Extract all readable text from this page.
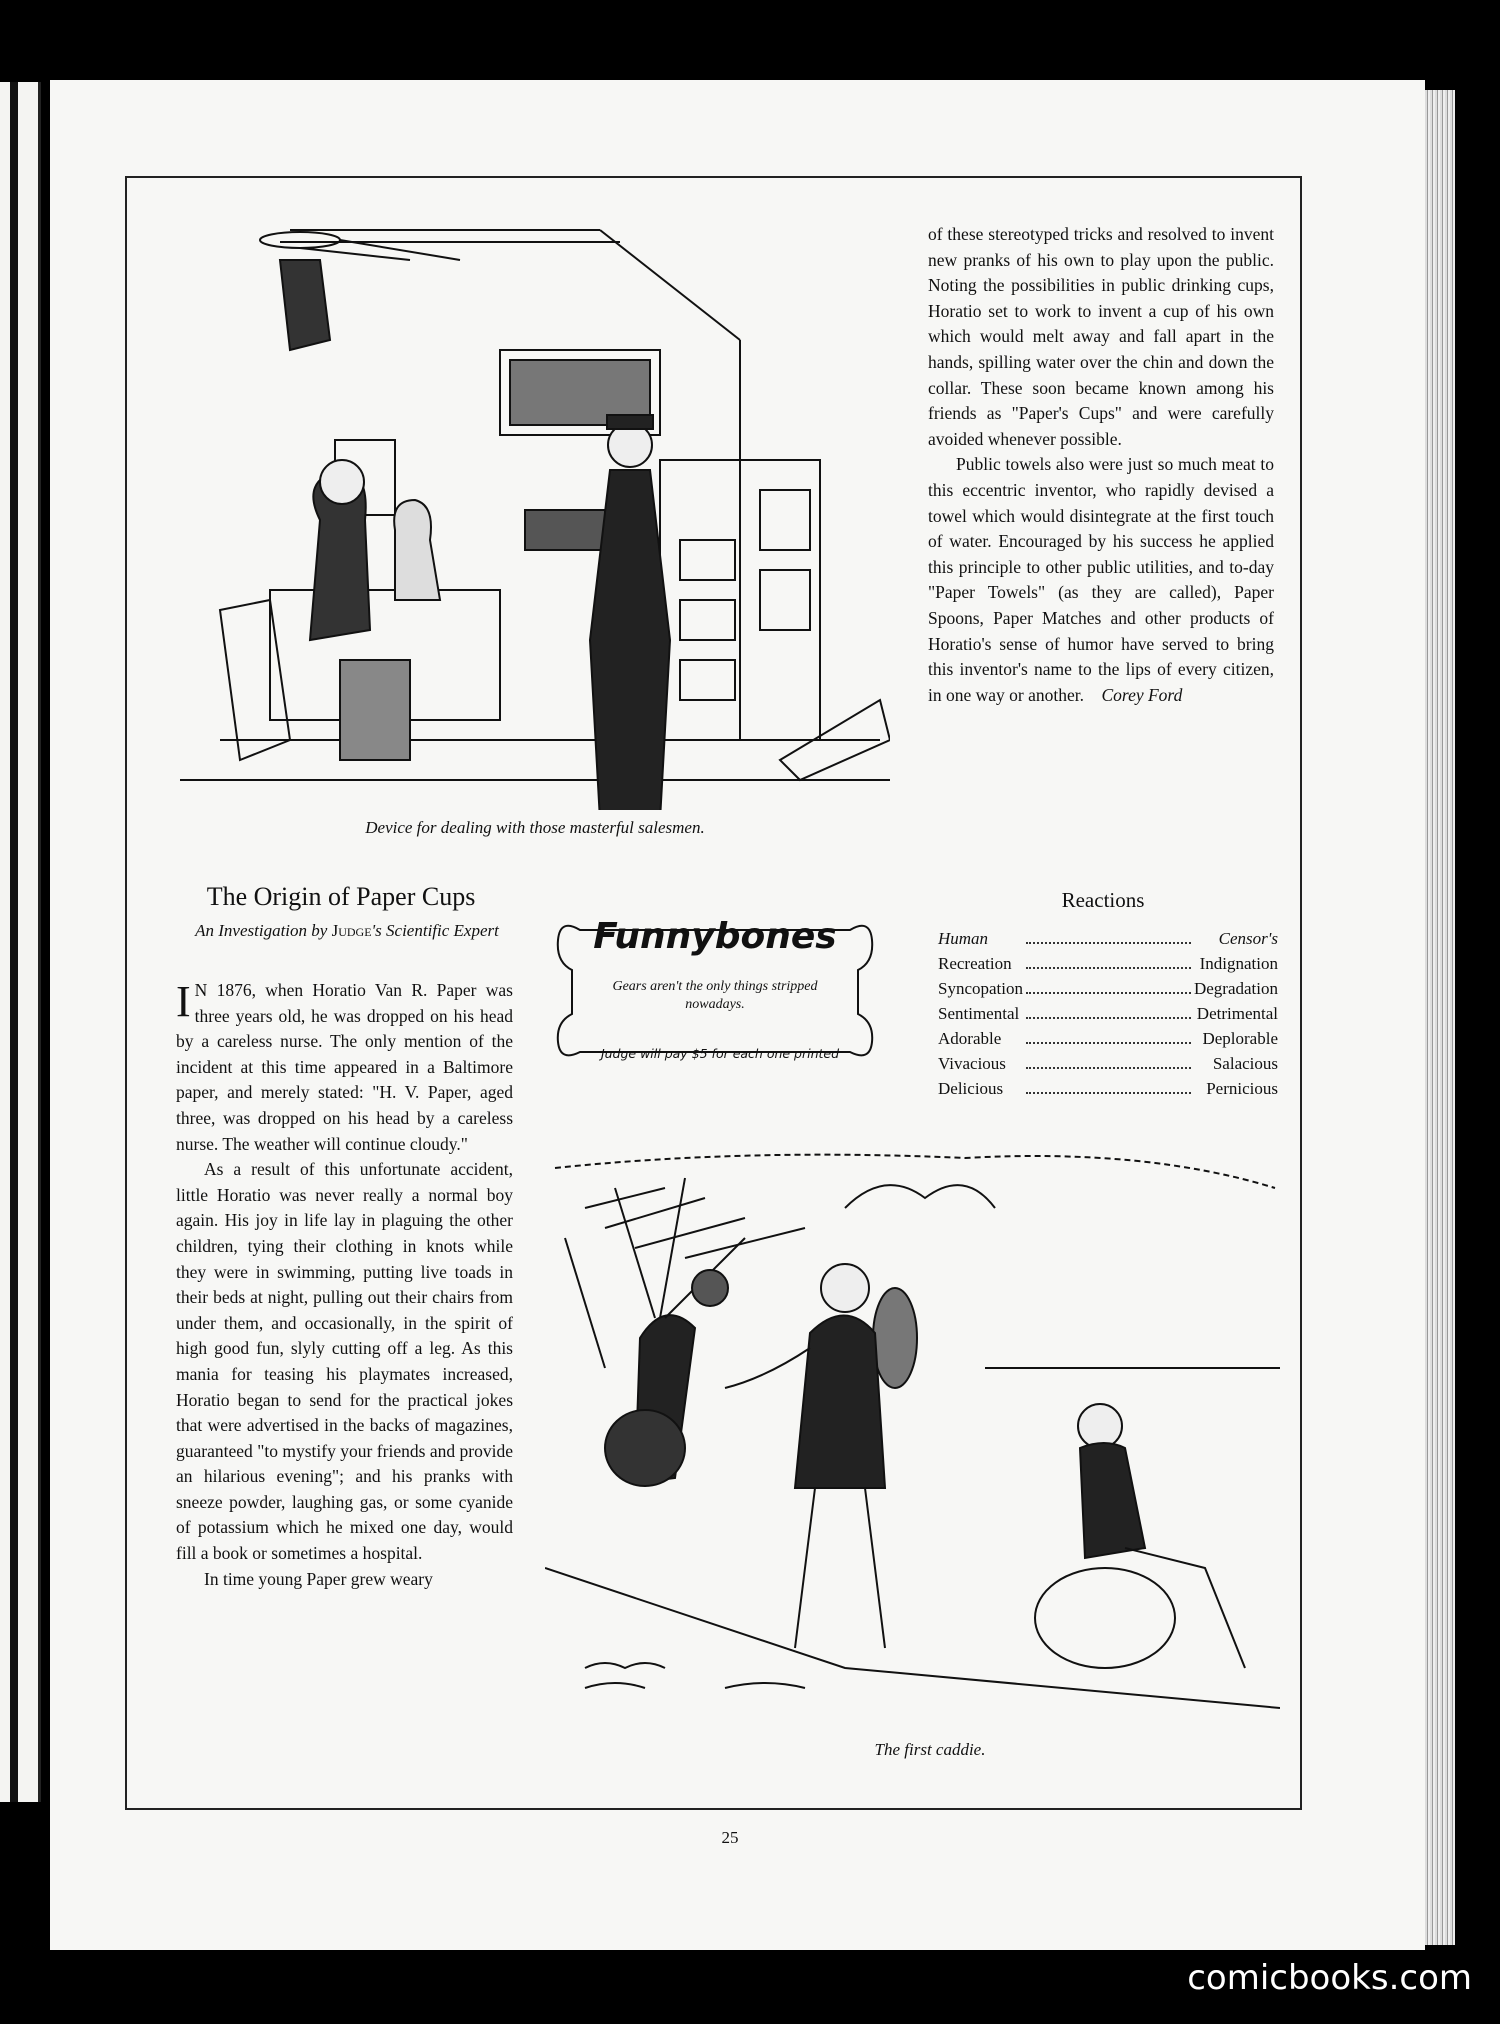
Device for dealing with those masterful salesmen.

of these stereotyped tricks and resolved to invent new pranks of his own to play upon the public. Noting the possibilities in public drinking cups, Horatio set to work to invent a cup of his own which would melt away and fall apart in the hands, spilling water over the chin and down the collar. These soon became known among his friends as "Paper's Cups" and were carefully avoided whenever possible.

Public towels also were just so much meat to this eccentric inventor, who rapidly devised a towel which would disintegrate at the first touch of water. Encouraged by his success he applied this principle to other public utilities, and to-day "Paper Towels" (as they are called), Paper Spoons, Paper Matches and other products of Horatio's sense of humor have served to bring this inventor's name to the lips of every citizen, in one way or another. Corey Ford

The Origin of Paper Cups
An Investigation by Judge's Scientific Expert

I N 1876, when Horatio Van R. Paper was three years old, he was dropped on his head by a careless nurse. The only mention of the incident at this time appeared in a Baltimore paper, and merely stated: "H. V. Paper, aged three, was dropped on his head by a careless nurse. The weather will continue cloudy."

As a result of this unfortunate accident, little Horatio was never really a normal boy again. His joy in life lay in plaguing the other children, tying their clothing in knots while they were in swimming, putting live toads in their beds at night, pulling out their chairs from under them, and occasionally, in the spirit of high good fun, slyly cutting off a leg. As this mania for teasing his playmates increased, Horatio began to send for the practical jokes that were advertised in the backs of magazines, guaranteed "to mystify your friends and provide an hilarious evening"; and his pranks with sneeze powder, laughing gas, or some cyanide of potassium which he mixed one day, would fill a book or sometimes a hospital.

In time young Paper grew weary

Funnybones
Gears aren't the only things stripped nowadays.
Judge will pay $5 for each one printed
Reactions
Human		Censor's
Recreation		Indignation
Syncopation		Degradation
Sentimental		Detrimental
Adorable		Deplorable
Vivacious		Salacious
Delicious		Pernicious
The first caddie.
25
comicbooks.com
